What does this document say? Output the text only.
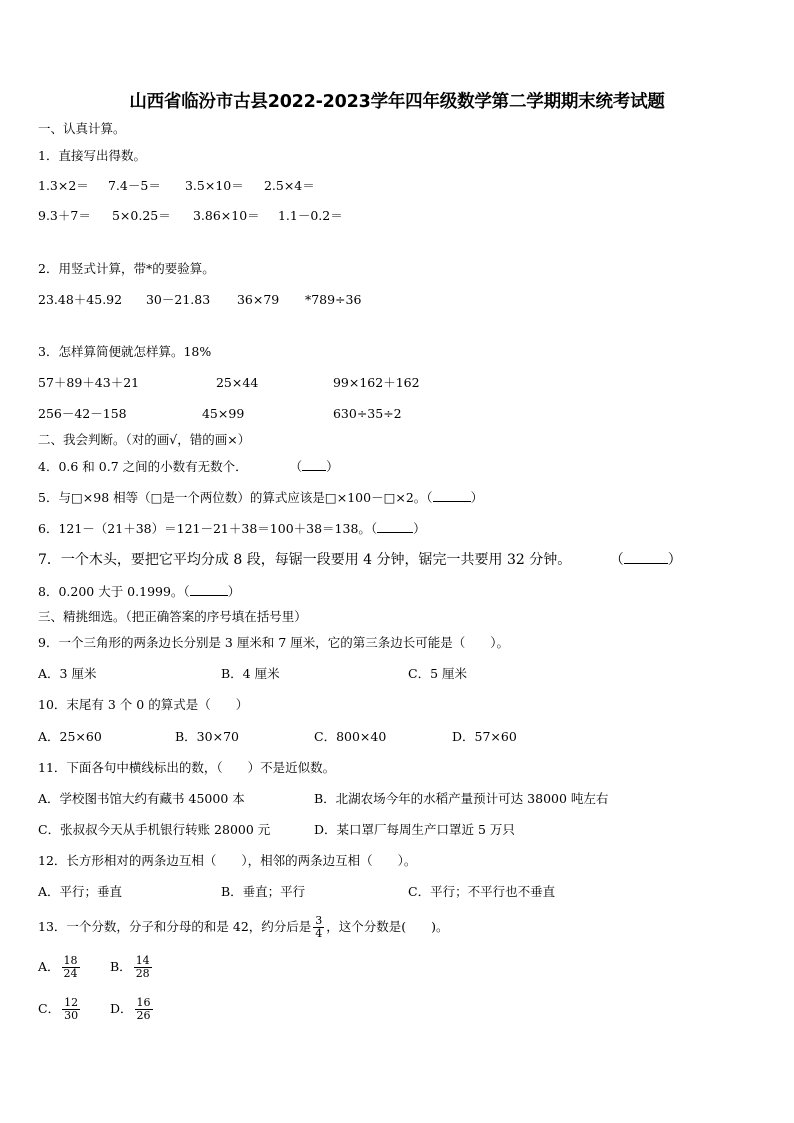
山西省临汾市古县2022-2023学年四年级数学第二学期期末统考试题
一、认真计算。
1．直接写出得数。
1.3×2＝ 7.4－5＝ 3.5×10＝ 2.5×4＝
9.3＋7＝ 5×0.25＝ 3.86×10＝ 1.1－0.2＝
2．用竖式计算，带*的要验算。
23.48＋45.92 30－21.83 36×79 *789÷36
3．怎样算简便就怎样算。18%
57＋89＋43＋21	25×44	99×162＋162
256－42－158	45×99	630÷35÷2
二、我会判断。（对的画√，错的画×）
4．0.6 和 0.7 之间的小数有无数个．	（ ）
5．与□×98 相等（□是一个两位数）的算式应该是□×100－□×2。（	）
6．121－（21＋38）＝121－21＋38＝100＋38＝138。（	）
7．一个木头，要把它平均分成 8 段，每锯一段要用 4 分钟，锯完一共要用 32 分钟。	（	）
8．0.200 大于 0.1999。（	）
三、精挑细选。（把正确答案的序号填在括号里）
9．一个三角形的两条边长分别是 3 厘米和 7 厘米，它的第三条边长可能是（　　）。
A．3 厘米	B．4 厘米	C．5 厘米
10．末尾有 3 个 0 的算式是（　　）
A．25×60	B．30×70	C．800×40	D．57×60
11．下面各句中横线标出的数，（　　）不是近似数。
A．学校图书馆大约有藏书 45000 本	B．北湖农场今年的水稻产量预计可达 38000 吨左右
C．张叔叔今天从手机银行转账 28000 元	D．某口罩厂每周生产口罩近 5 万只
12．长方形相对的两条边互相（　　），相邻的两条边互相（　　）。
A．平行；垂直	B．垂直；平行	C．平行；不平行也不垂直
13．一个分数，分子和分母的和是 42，约分后是 $\frac{3}{4}$ ，这个分数是(　　)。
A． $\frac{18}{24}$ B． $\frac{14}{28}$
C． $\frac{12}{30}$ D． $\frac{16}{26}$
